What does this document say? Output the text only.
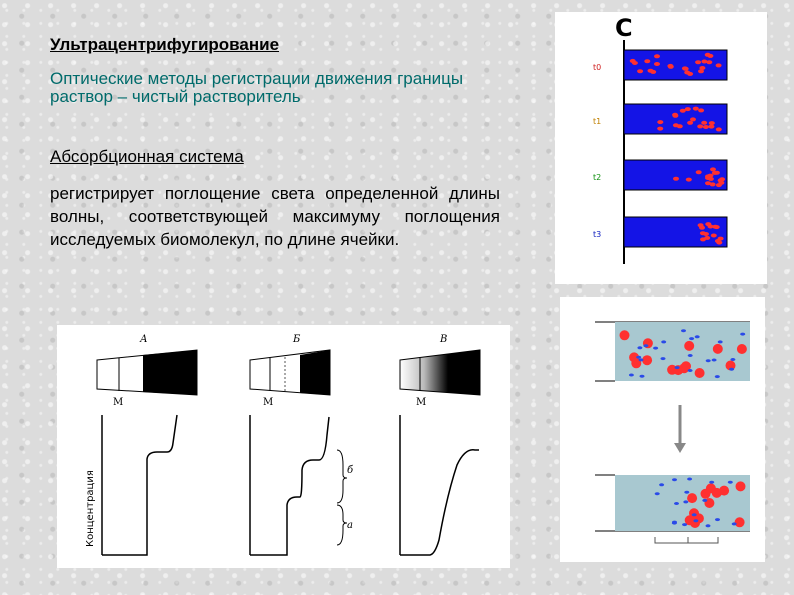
Ультрацентрифугирование

Оптические методы регистрации движения границы раствор – чистый растворитель

Абсорбционная система

регистрирует поглощение света определенной длины волны, соответствующей максимуму поглощения исследуемых биомолекул, по длине ячейки.

А
М
Концентрация
Б
М
б
а
В
М
C
t0
t1
t2
t3
